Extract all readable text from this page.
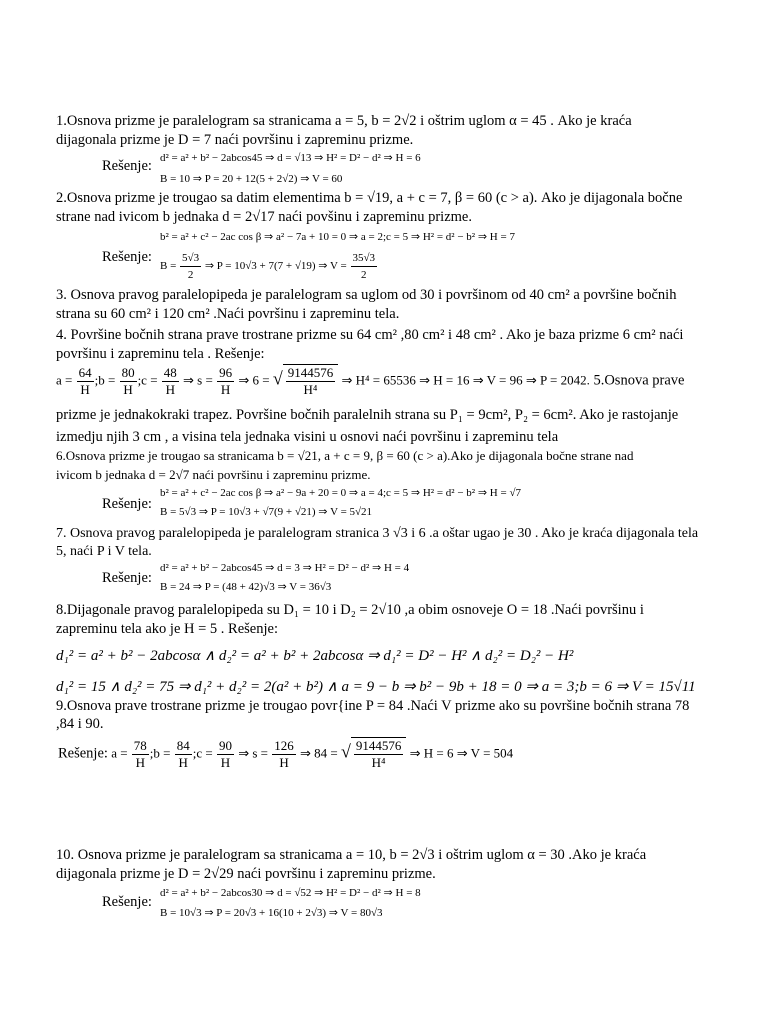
1.Osnova prizme je paralelogram sa stranicama a = 5, b = 2√2 i oštrim uglom α = 45 . Ako je kraća
dijagonala prizme je D = 7 naći površinu i zapreminu prizme.
Rešenje: d² = a² + b² − 2abcos45 ⇒ d = √13 ⇒ H² = D² − d² ⇒ H = 6
B = 10 ⇒ P = 20 + 12(5 + 2√2) ⇒ V = 60
2.Osnova prizme je trougao sa datim elementima b = √19, a + c = 7, β = 60 (c > a). Ako je dijagonala bočne
strane nad ivicom b jednaka d = 2√17 naći povšinu i zapreminu prizme.
b² = a² + c² − 2ac cos β ⇒ a² − 7a + 10 = 0 ⇒ a = 2;c = 5 ⇒ H² = d² − b² ⇒ H = 7
Rešenje:
$B = \frac{5√3}{2}$ ⇒ P = 10√3 + 7(7 + √19) ⇒ $V = \frac{35√3}{2}$
3. Osnova pravog paralelopipeda je paralelogram sa uglom od 30 i površinom od 40 cm² a površine bočnih
strana su 60 cm² i 120 cm² .Naći površinu i zapreminu tela.
4. Površine bočnih strana prave trostrane prizme su 64 cm² ,80 cm² i 48 cm² . Ako je baza prizme 6 cm² naći
površinu i zapreminu tela . Rešenje:
$a = \frac{64}{H}$ ;b = $\frac{80}{H}$ ;c = $\frac{48}{H}$ ⇒ $s = \frac{96}{H}$ ⇒ 6 = √ $\frac{9144576}{\text{H⁴}}$ ⇒ H⁴ = 65536 ⇒ H = 16 ⇒ V = 96 ⇒ P = 2042. 5.Osnova prave
prizme je jednakokraki trapez. Površine bočnih paralelnih strana su P₁ = 9cm², P₂ = 6cm². Ako je rastojanje
izmedju njih 3 cm , a visina tela jednaka visini u osnovi naći površinu i zapreminu tela
6.Osnova prizme je trougao sa stranicama b = √21, a + c = 9, β = 60 (c > a).Ako je dijagonala bočne strane nad
ivicom b jednaka d = 2√7 naći površinu i zapreminu prizme.
b² = a² + c² − 2ac cos β ⇒ a² − 9a + 20 = 0 ⇒ a = 4;c = 5 ⇒ H² = d² − b² ⇒ H = √7
Rešenje: B = 5√3 ⇒ P = 10√3 + √7(9 + √21) ⇒ V = 5√21
7. Osnova pravog paralelopipeda je paralelogram stranica 3 √3 i 6 .a oštar ugao je 30 . Ako je kraća dijagonala tela
5, naći P i V tela.
Rešenje:
d² = a² + b² − 2abcos45 ⇒ d = 3 ⇒ H² = D² − d² ⇒ H = 4
B = 24 ⇒ P = (48 + 42)√3 ⇒ V = 36√3
8.Dijagonale pravog paralelopipeda su D₁ = 10 i D₂ = 2√10 ,a obim osnoveje O = 18 .Naći površinu i
zapreminu tela ako je H = 5 . Rešenje:
d₁² = a² + b² − 2abcosα ∧ d₂² = a² + b² + 2abcosα ⇒ d₁² = D² − H² ∧ d₂² = D₂² − H²
d₁² = 15 ∧ d₂² = 75 ⇒ d₁² + d₂² = 2(a² + b²) ∧ a = 9 − b ⇒ b² − 9b + 18 = 0 ⇒ a = 3;b = 6 ⇒ V = 15√11
9.Osnova prave trostrane prizme je trougao povr{ine P = 84 .Naći V prizme ako su površine bočnih strana 78
,84 i 90.
Rešenje: $a = \frac{78}{H}$ ;b = $\frac{84}{H}$ ;c = $\frac{90}{H}$ ⇒ $s = \frac{126}{H}$ ⇒ 84 = √ $\frac{9144576}{\text{H⁴}}$ ⇒ H = 6 ⇒ V = 504
10. Osnova prizme je paralelogram sa stranicama a = 10, b = 2√3 i oštrim uglom α = 30 .Ako je kraća
dijagonala prizme je D = 2√29 naći površinu i zapreminu prizme.
Rešenje:
d² = a² + b² − 2abcos30 ⇒ d = √52 ⇒ H² = D² − d² ⇒ H = 8
B = 10√3 ⇒ P = 20√3 + 16(10 + 2√3) ⇒ V = 80√3
